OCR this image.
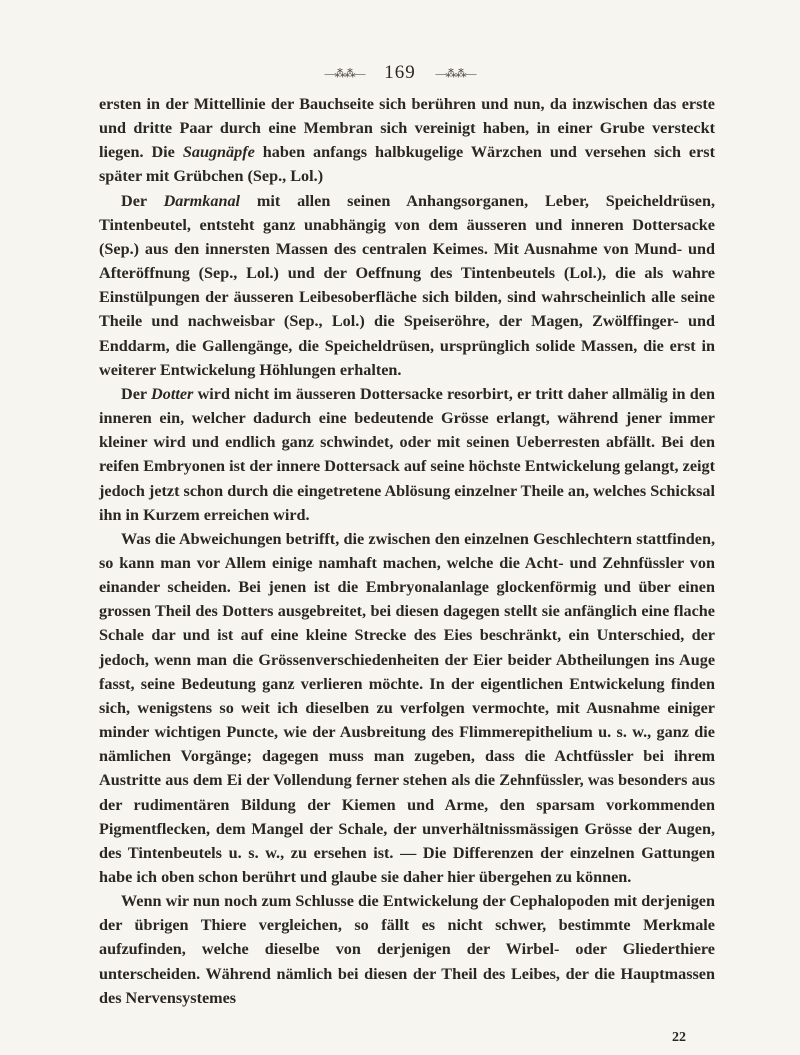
—⁂⁂— 169 —⁂⁂—

ersten in der Mittellinie der Bauchseite sich berühren und nun, da inzwischen das erste und dritte Paar durch eine Membran sich vereinigt haben, in einer Grube versteckt liegen. Die Saugnäpfe haben anfangs halbkugelige Wärzchen und versehen sich erst später mit Grübchen (Sep., Lol.)

Der Darmkanal mit allen seinen Anhangsorganen, Leber, Speicheldrüsen, Tintenbeutel, entsteht ganz unabhängig von dem äusseren und inneren Dottersacke (Sep.) aus den innersten Massen des centralen Keimes. Mit Ausnahme von Mund- und Afteröffnung (Sep., Lol.) und der Oeffnung des Tintenbeutels (Lol.), die als wahre Einstülpungen der äusseren Leibesoberfläche sich bilden, sind wahrscheinlich alle seine Theile und nachweisbar (Sep., Lol.) die Speiseröhre, der Magen, Zwölffinger- und Enddarm, die Gallengänge, die Speicheldrüsen, ursprünglich solide Massen, die erst in weiterer Entwickelung Höhlungen erhalten.

Der Dotter wird nicht im äusseren Dottersacke resorbirt, er tritt daher allmälig in den inneren ein, welcher dadurch eine bedeutende Grösse erlangt, während jener immer kleiner wird und endlich ganz schwindet, oder mit seinen Ueberresten abfällt. Bei den reifen Embryonen ist der innere Dottersack auf seine höchste Entwickelung gelangt, zeigt jedoch jetzt schon durch die eingetretene Ablösung einzelner Theile an, welches Schicksal ihn in Kurzem erreichen wird.

Was die Abweichungen betrifft, die zwischen den einzelnen Geschlechtern stattfinden, so kann man vor Allem einige namhaft machen, welche die Acht- und Zehnfüssler von einander scheiden. Bei jenen ist die Embryonalanlage glockenförmig und über einen grossen Theil des Dotters ausgebreitet, bei diesen dagegen stellt sie anfänglich eine flache Schale dar und ist auf eine kleine Strecke des Eies beschränkt, ein Unterschied, der jedoch, wenn man die Grössenverschiedenheiten der Eier beider Abtheilungen ins Auge fasst, seine Bedeutung ganz verlieren möchte. In der eigentlichen Entwickelung finden sich, wenigstens so weit ich dieselben zu verfolgen vermochte, mit Ausnahme einiger minder wichtigen Puncte, wie der Ausbreitung des Flimmerepithelium u. s. w., ganz die nämlichen Vorgänge; dagegen muss man zugeben, dass die Achtfüssler bei ihrem Austritte aus dem Ei der Vollendung ferner stehen als die Zehnfüssler, was besonders aus der rudimentären Bildung der Kiemen und Arme, den sparsam vorkommenden Pigmentflecken, dem Mangel der Schale, der unverhältnissmässigen Grösse der Augen, des Tintenbeutels u. s. w., zu ersehen ist. — Die Differenzen der einzelnen Gattungen habe ich oben schon berührt und glaube sie daher hier übergehen zu können.

Wenn wir nun noch zum Schlusse die Entwickelung der Cephalopoden mit derjenigen der übrigen Thiere vergleichen, so fällt es nicht schwer, bestimmte Merkmale aufzufinden, welche dieselbe von derjenigen der Wirbel- oder Gliederthiere unterscheiden. Während nämlich bei diesen der Theil des Leibes, der die Hauptmassen des Nervensystemes

22
